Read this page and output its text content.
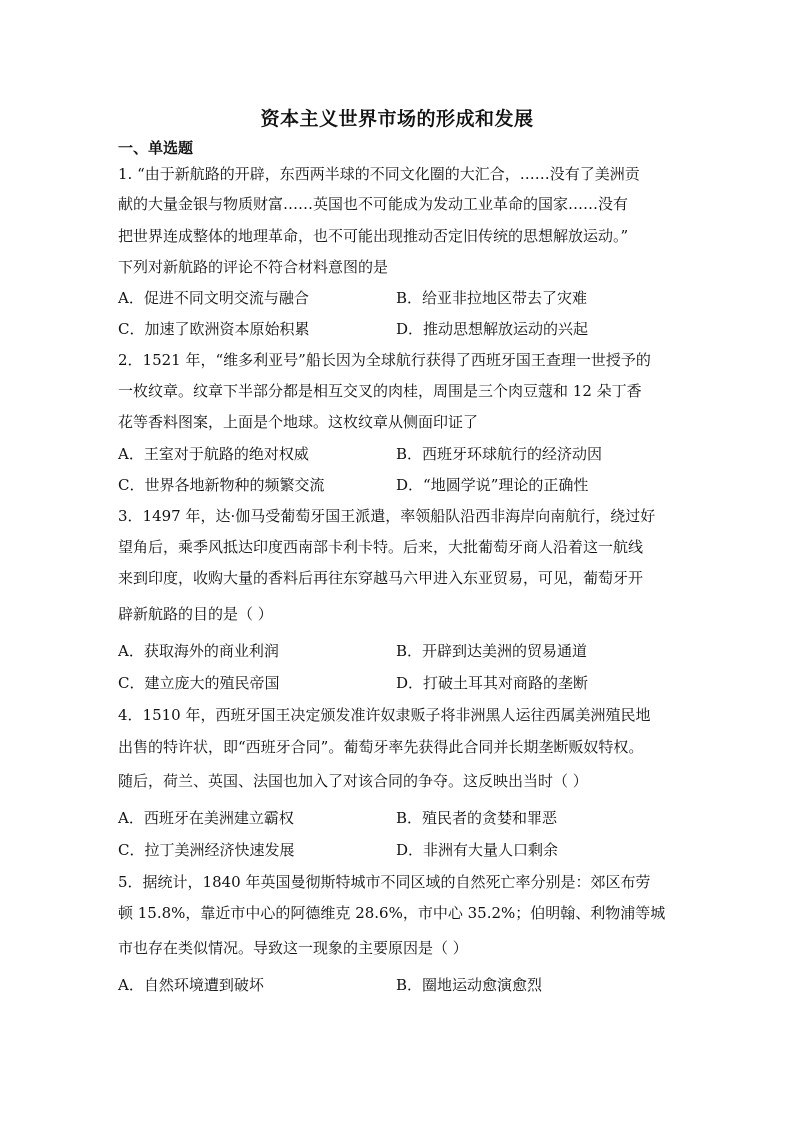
资本主义世界市场的形成和发展
一、单选题
1. “由于新航路的开辟，东西两半球的不同文化圈的大汇合，……没有了美洲贡
献的大量金银与物质财富……英国也不可能成为发动工业革命的国家……没有
把世界连成整体的地理革命，也不可能出现推动否定旧传统的思想解放运动。”
下列对新航路的评论不符合材料意图的是
A．促进不同文明交流与融合	B．给亚非拉地区带去了灾难
C．加速了欧洲资本原始积累	D．推动思想解放运动的兴起
2．1521 年，“维多利亚号”船长因为全球航行获得了西班牙国王查理一世授予的
一枚纹章。纹章下半部分都是相互交叉的肉桂，周围是三个肉豆蔻和 12 朵丁香
花等香料图案，上面是个地球。这枚纹章从侧面印证了
A．王室对于航路的绝对权威	B．西班牙环球航行的经济动因
C．世界各地新物种的频繁交流	D．“地圆学说”理论的正确性
3．1497 年，达·伽马受葡萄牙国王派遣，率领船队沿西非海岸向南航行，绕过好
望角后，乘季风抵达印度西南部卡利卡特。后来，大批葡萄牙商人沿着这一航线
来到印度，收购大量的香料后再往东穿越马六甲进入东亚贸易，可见，葡萄牙开
辟新航路的目的是（ ）
A．获取海外的商业利润	B．开辟到达美洲的贸易通道
C．建立庞大的殖民帝国	D．打破土耳其对商路的垄断
4．1510 年，西班牙国王决定颁发准许奴隶贩子将非洲黑人运往西属美洲殖民地
出售的特许状，即“西班牙合同”。葡萄牙率先获得此合同并长期垄断贩奴特权。
随后，荷兰、英国、法国也加入了对该合同的争夺。这反映出当时（ ）
A．西班牙在美洲建立霸权	B．殖民者的贪婪和罪恶
C．拉丁美洲经济快速发展	D．非洲有大量人口剩余
5．据统计，1840 年英国曼彻斯特城市不同区域的自然死亡率分别是：郊区布劳
顿 15.8%，靠近市中心的阿德维克 28.6%，市中心 35.2%；伯明翰、利物浦等城
市也存在类似情况。导致这一现象的主要原因是（ ）
A．自然环境遭到破坏	B．圈地运动愈演愈烈
